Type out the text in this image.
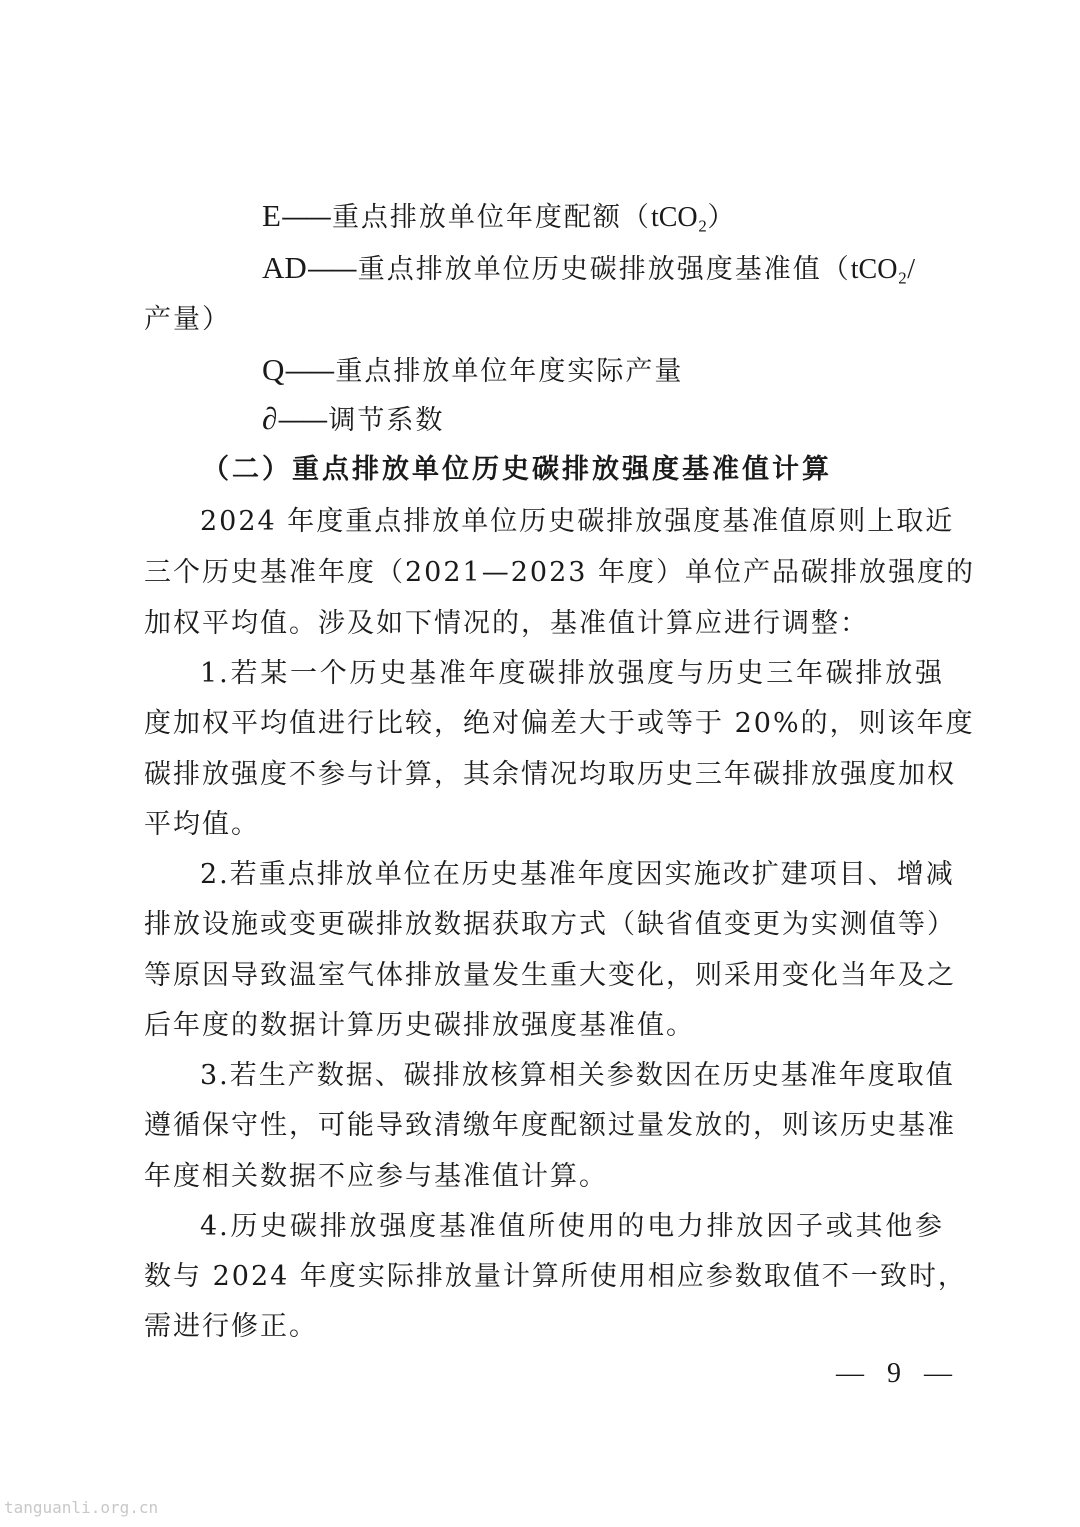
E—— 重点排放单位年度配额（tCO₂）
AD—— 重点排放单位历史碳排放强度基准值（tCO₂/
产量）
Q—— 重点排放单位年度实际产量
∂—— 调节系数
（二）重点排放单位历史碳排放强度基准值计算
2024 年度重点排放单位历史碳排放强度基准值原则上取近
三个历史基准年度（2021—2023 年度）单位产品碳排放强度的
加权平均值。涉及如下情况的，基准值计算应进行调整：
1.若某一个历史基准年度碳排放强度与历史三年碳排放强
度加权平均值进行比较，绝对偏差大于或等于 20%的，则该年度
碳排放强度不参与计算，其余情况均取历史三年碳排放强度加权
平均值。
2.若重点排放单位在历史基准年度因实施改扩建项目、增减
排放设施或变更碳排放数据获取方式（缺省值变更为实测值等）
等原因导致温室气体排放量发生重大变化，则采用变化当年及之
后年度的数据计算历史碳排放强度基准值。
3.若生产数据、碳排放核算相关参数因在历史基准年度取值
遵循保守性，可能导致清缴年度配额过量发放的，则该历史基准
年度相关数据不应参与基准值计算。
4.历史碳排放强度基准值所使用的电力排放因子或其他参
数与 2024 年度实际排放量计算所使用相应参数取值不一致时，
需进行修正。
— 9 —
tanguanli.org.cn
